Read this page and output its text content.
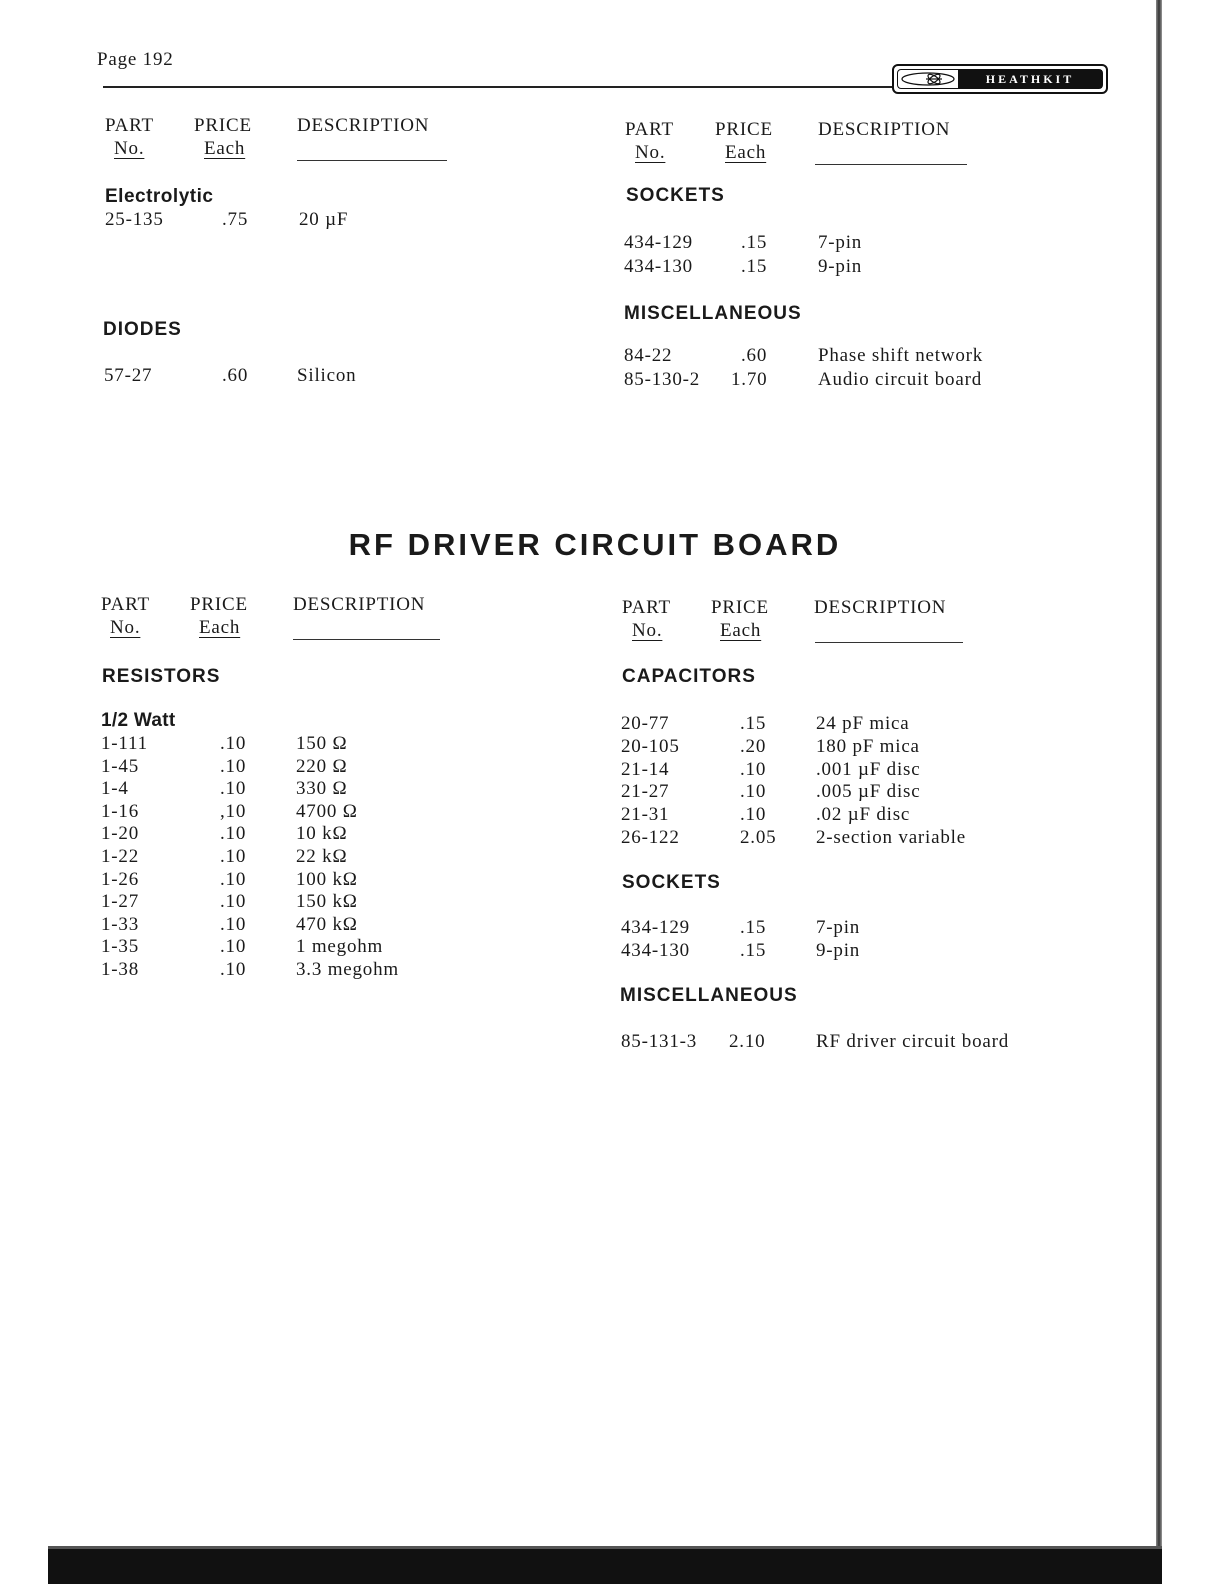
Page 192
HEATHKIT
PART
No.
PRICE
Each
DESCRIPTION
Electrolytic
25-135	.75	20 µF
DIODES
57-27	.60	Silicon
PART
No.
PRICE
Each
DESCRIPTION
SOCKETS
434-129	.15	7-pin
434-130	.15	9-pin
MISCELLANEOUS
84-22	.60	Phase shift network
85-130-2 1.70	Audio circuit board
RF DRIVER CIRCUIT BOARD
PART
No.
PRICE
Each
DESCRIPTION
RESISTORS
1/2 Watt
1-111	.10	150 Ω
1-45	.10	220 Ω
1-4	.10	330 Ω
1-16	,10	4700 Ω
1-20	.10	10 kΩ
1-22	.10	22 kΩ
1-26	.10	100 kΩ
1-27	.10	150 kΩ
1-33	.10	470 kΩ
1-35	.10	1 megohm
1-38	.10	3.3 megohm
PART
No.
PRICE
Each
DESCRIPTION
CAPACITORS
20-77	.15	24 pF mica
20-105	.20	180 pF mica
21-14	.10	.001 µF disc
21-27	.10	.005 µF disc
21-31	.10	.02 µF disc
26-122	2.05 2-section variable
SOCKETS
434-129	.15	7-pin
434-130	.15	9-pin
MISCELLANEOUS
85-131-3 2.10	RF driver circuit board
